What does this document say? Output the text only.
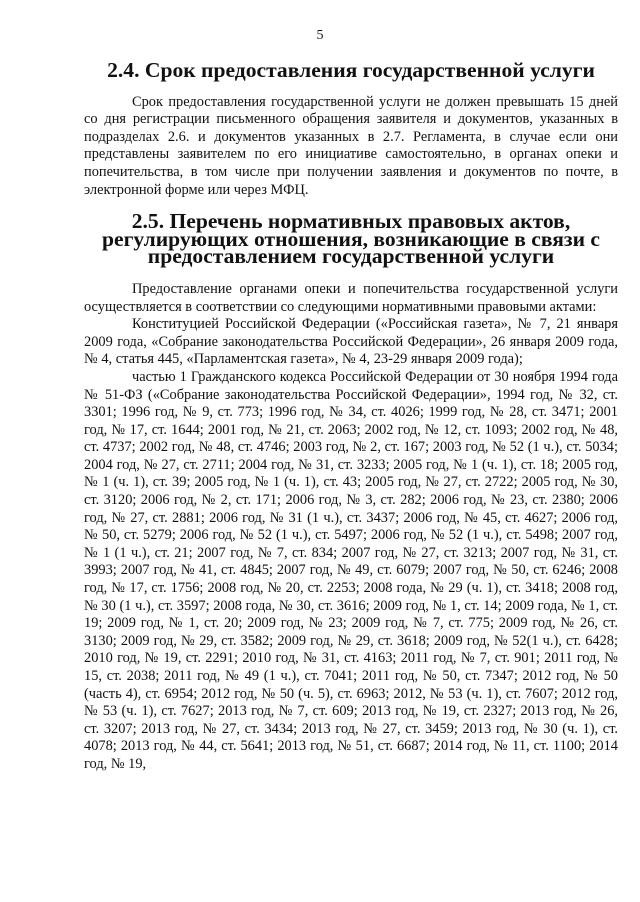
5
2.4. Срок предоставления государственной услуги

Срок предоставления государственной услуги не должен превышать 15 дней со дня регистрации письменного обращения заявителя и документов, указанных в подразделах 2.6. и документов указанных в 2.7. Регламента, в случае если они представлены заявителем по его инициативе самостоятельно, в органах опеки и попечительства, в том числе при получении заявления и документов по почте, в электронной форме или через МФЦ.

2.5. Перечень нормативных правовых актов,
регулирующих отношения, возникающие в связи с
предоставлением государственной услуги

Предоставление органами опеки и попечительства государственной услуги осуществляется в соответствии со следующими нормативными правовыми актами:

Конституцией Российской Федерации («Российская газета», № 7, 21 января 2009 года, «Собрание законодательства Российской Федерации», 26 января 2009 года, № 4, статья 445, «Парламентская газета», № 4, 23-29 января 2009 года);

частью 1 Гражданского кодекса Российской Федерации от 30 ноября 1994 года № 51-ФЗ («Собрание законодательства Российской Федерации», 1994 год, № 32, ст. 3301; 1996 год, № 9, ст. 773; 1996 год, № 34, ст. 4026; 1999 год, № 28, ст. 3471; 2001 год, № 17, ст. 1644; 2001 год, № 21, ст. 2063; 2002 год, № 12, ст. 1093; 2002 год, № 48, ст. 4737; 2002 год, № 48, ст. 4746; 2003 год, № 2, ст. 167; 2003 год, № 52 (1 ч.), ст. 5034; 2004 год, № 27, ст. 2711; 2004 год, № 31, ст. 3233; 2005 год, № 1 (ч. 1), ст. 18; 2005 год, № 1 (ч. 1), ст. 39; 2005 год, № 1 (ч. 1), ст. 43; 2005 год, № 27, ст. 2722; 2005 год, № 30, ст. 3120; 2006 год, № 2, ст. 171; 2006 год, № 3, ст. 282; 2006 год, № 23, ст. 2380; 2006 год, № 27, ст. 2881; 2006 год, № 31 (1 ч.), ст. 3437; 2006 год, № 45, ст. 4627; 2006 год, № 50, ст. 5279; 2006 год, № 52 (1 ч.), ст. 5497; 2006 год, № 52 (1 ч.), ст. 5498; 2007 год, № 1 (1 ч.), ст. 21; 2007 год, № 7, ст. 834; 2007 год, № 27, ст. 3213; 2007 год, № 31, ст. 3993; 2007 год, № 41, ст. 4845; 2007 год, № 49, ст. 6079; 2007 год, № 50, ст. 6246; 2008 год, № 17, ст. 1756; 2008 год, № 20, ст. 2253; 2008 года, № 29 (ч. 1), ст. 3418; 2008 год, № 30 (1 ч.), ст. 3597; 2008 года, № 30, ст. 3616; 2009 год, № 1, ст. 14; 2009 года, № 1, ст. 19; 2009 год, № 1, ст. 20; 2009 год, № 23; 2009 год, № 7, ст. 775; 2009 год, № 26, ст. 3130; 2009 год, № 29, ст. 3582; 2009 год, № 29, ст. 3618; 2009 год, № 52(1 ч.), ст. 6428; 2010 год, № 19, ст. 2291; 2010 год, № 31, ст. 4163; 2011 год, № 7, ст. 901; 2011 год, № 15, ст. 2038; 2011 год, № 49 (1 ч.), ст. 7041; 2011 год, № 50, ст. 7347; 2012 год, № 50 (часть 4), ст. 6954; 2012 год, № 50 (ч. 5), ст. 6963; 2012, № 53 (ч. 1), ст. 7607; 2012 год, № 53 (ч. 1), ст. 7627; 2013 год, № 7, ст. 609; 2013 год, № 19, ст. 2327; 2013 год, № 26, ст. 3207; 2013 год, № 27, ст. 3434; 2013 год, № 27, ст. 3459; 2013 год, № 30 (ч. 1), ст. 4078; 2013 год, № 44, ст. 5641; 2013 год, № 51, ст. 6687; 2014 год, № 11, ст. 1100; 2014 год, № 19,
